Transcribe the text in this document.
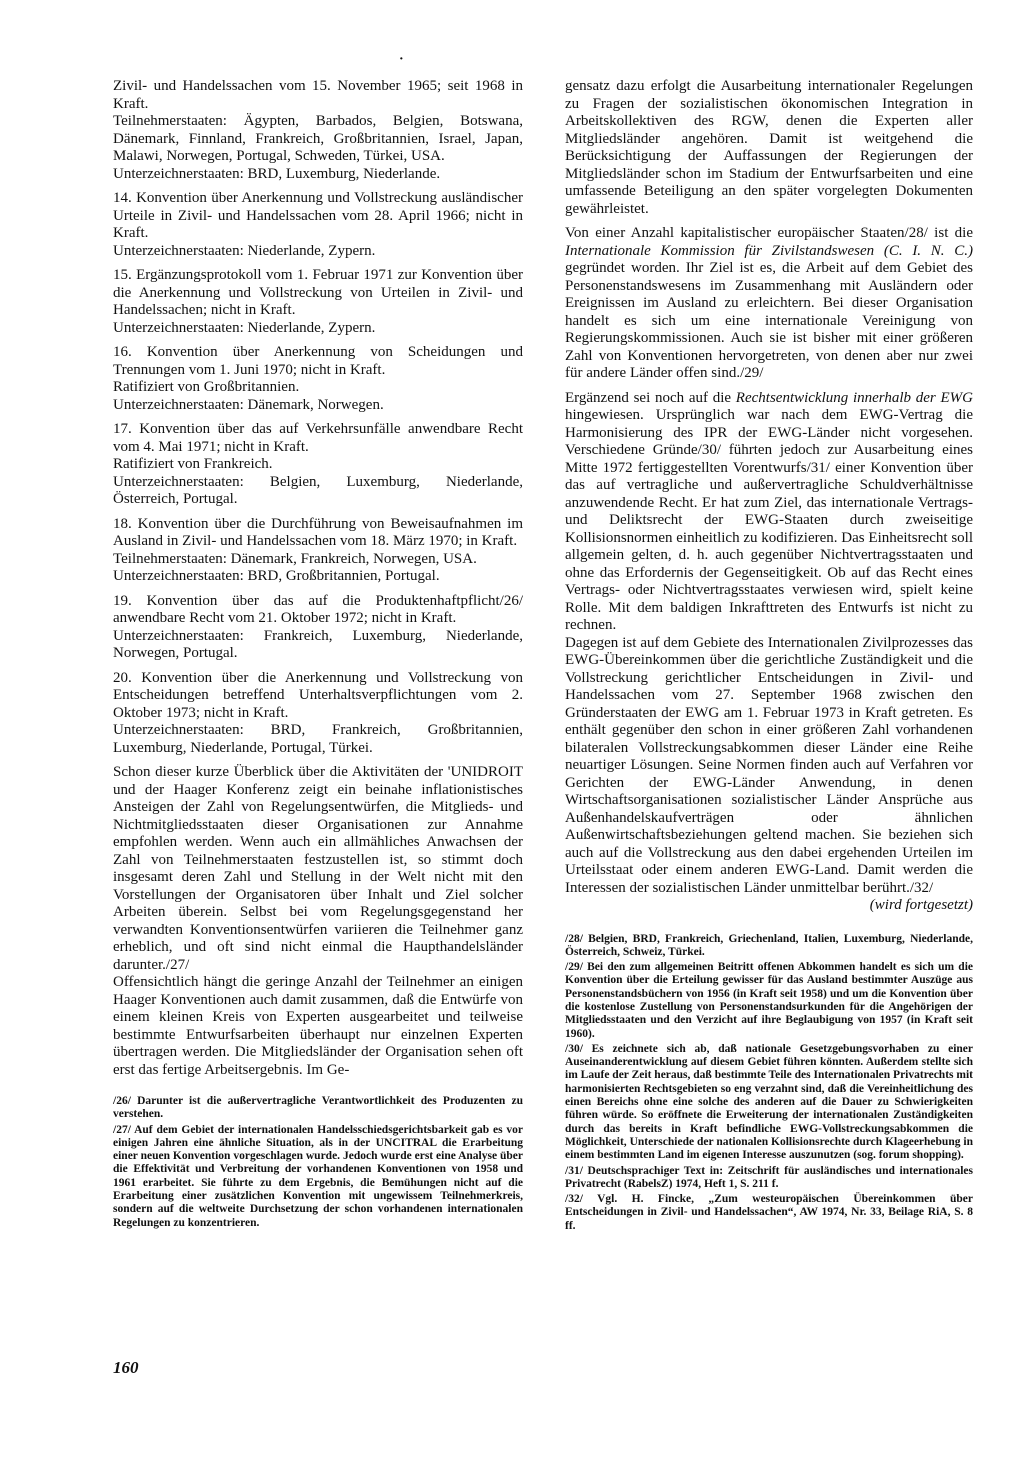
·

Zivil- und Handelssachen vom 15. November 1965; seit 1968 in Kraft.

Teilnehmerstaaten: Ägypten, Barbados, Belgien, Botswana, Dänemark, Finnland, Frankreich, Großbritannien, Israel, Japan, Malawi, Norwegen, Portugal, Schweden, Türkei, USA.

Unterzeichnerstaaten: BRD, Luxemburg, Niederlande.

14. Konvention über Anerkennung und Vollstreckung ausländischer Urteile in Zivil- und Handelssachen vom 28. April 1966; nicht in Kraft.

Unterzeichnerstaaten: Niederlande, Zypern.

15. Ergänzungsprotokoll vom 1. Februar 1971 zur Konvention über die Anerkennung und Vollstreckung von Urteilen in Zivil- und Handelssachen; nicht in Kraft.

Unterzeichnerstaaten: Niederlande, Zypern.

16. Konvention über Anerkennung von Scheidungen und Trennungen vom 1. Juni 1970; nicht in Kraft.

Ratifiziert von Großbritannien.

Unterzeichnerstaaten: Dänemark, Norwegen.

17. Konvention über das auf Verkehrsunfälle anwendbare Recht vom 4. Mai 1971; nicht in Kraft.

Ratifiziert von Frankreich.

Unterzeichnerstaaten: Belgien, Luxemburg, Niederlande, Österreich, Portugal.

18. Konvention über die Durchführung von Beweisaufnahmen im Ausland in Zivil- und Handelssachen vom 18. März 1970; in Kraft.

Teilnehmerstaaten: Dänemark, Frankreich, Norwegen, USA.

Unterzeichnerstaaten: BRD, Großbritannien, Portugal.

19. Konvention über das auf die Produktenhaftpflicht/26/ anwendbare Recht vom 21. Oktober 1972; nicht in Kraft.

Unterzeichnerstaaten: Frankreich, Luxemburg, Niederlande, Norwegen, Portugal.

20. Konvention über die Anerkennung und Vollstreckung von Entscheidungen betreffend Unterhaltsverpflichtungen vom 2. Oktober 1973; nicht in Kraft.

Unterzeichnerstaaten: BRD, Frankreich, Großbritannien, Luxemburg, Niederlande, Portugal, Türkei.

Schon dieser kurze Überblick über die Aktivitäten der 'UNIDROIT und der Haager Konferenz zeigt ein beinahe inflationistisches Ansteigen der Zahl von Regelungsentwürfen, die Mitglieds- und Nichtmitgliedsstaaten dieser Organisationen zur Annahme empfohlen werden. Wenn auch ein allmähliches Anwachsen der Zahl von Teilnehmerstaaten festzustellen ist, so stimmt doch insgesamt deren Zahl und Stellung in der Welt nicht mit den Vorstellungen der Organisatoren über Inhalt und Ziel solcher Arbeiten überein. Selbst bei vom Regelungsgegenstand her verwandten Konventionsentwürfen variieren die Teilnehmer ganz erheblich, und oft sind nicht einmal die Haupthandelsländer darunter./27/

Offensichtlich hängt die geringe Anzahl der Teilnehmer an einigen Haager Konventionen auch damit zusammen, daß die Entwürfe von einem kleinen Kreis von Experten ausgearbeitet und teilweise bestimmte Entwurfsarbeiten überhaupt nur einzelnen Experten übertragen werden. Die Mitgliedsländer der Organisation sehen oft erst das fertige Arbeitsergebnis. Im Ge-

/26/ Darunter ist die außervertragliche Verantwortlichkeit des Produzenten zu verstehen.

/27/ Auf dem Gebiet der internationalen Handelsschiedsgerichtsbarkeit gab es vor einigen Jahren eine ähnliche Situation, als in der UNCITRAL die Erarbeitung einer neuen Konvention vorgeschlagen wurde. Jedoch wurde erst eine Analyse über die Effektivität und Verbreitung der vorhandenen Konventionen von 1958 und 1961 erarbeitet. Sie führte zu dem Ergebnis, die Bemühungen nicht auf die Erarbeitung einer zusätzlichen Konvention mit ungewissem Teilnehmerkreis, sondern auf die weltweite Durchsetzung der schon vorhandenen internationalen Regelungen zu konzentrieren.

gensatz dazu erfolgt die Ausarbeitung internationaler Regelungen zu Fragen der sozialistischen ökonomischen Integration in Arbeitskollektiven des RGW, denen die Experten aller Mitgliedsländer angehören. Damit ist weitgehend die Berücksichtigung der Auffassungen der Regierungen der Mitgliedsländer schon im Stadium der Entwurfsarbeiten und eine umfassende Beteiligung an den später vorgelegten Dokumenten gewährleistet.

Von einer Anzahl kapitalistischer europäischer Staaten/28/ ist die Internationale Kommission für Zivilstandswesen (C. I. N. C.) gegründet worden. Ihr Ziel ist es, die Arbeit auf dem Gebiet des Personenstandswesens im Zusammenhang mit Ausländern oder Ereignissen im Ausland zu erleichtern. Bei dieser Organisation handelt es sich um eine internationale Vereinigung von Regierungskommissionen. Auch sie ist bisher mit einer größeren Zahl von Konventionen hervorgetreten, von denen aber nur zwei für andere Länder offen sind./29/

Ergänzend sei noch auf die Rechtsentwicklung innerhalb der EWG hingewiesen. Ursprünglich war nach dem EWG-Vertrag die Harmonisierung des IPR der EWG-Länder nicht vorgesehen. Verschiedene Gründe/30/ führten jedoch zur Ausarbeitung eines Mitte 1972 fertiggestellten Vorentwurfs/31/ einer Konvention über das auf vertragliche und außervertragliche Schuldverhältnisse anzuwendende Recht. Er hat zum Ziel, das internationale Vertrags- und Deliktsrecht der EWG-Staaten durch zweiseitige Kollisionsnormen einheitlich zu kodifizieren. Das Einheitsrecht soll allgemein gelten, d. h. auch gegenüber Nichtvertragsstaaten und ohne das Erfordernis der Gegenseitigkeit. Ob auf das Recht eines Vertrags- oder Nichtvertragsstaates verwiesen wird, spielt keine Rolle. Mit dem baldigen Inkrafttreten des Entwurfs ist nicht zu rechnen.

Dagegen ist auf dem Gebiete des Internationalen Zivilprozesses das EWG-Übereinkommen über die gerichtliche Zuständigkeit und die Vollstreckung gerichtlicher Entscheidungen in Zivil- und Handelssachen vom 27. September 1968 zwischen den Gründerstaaten der EWG am 1. Februar 1973 in Kraft getreten. Es enthält gegenüber den schon in einer größeren Zahl vorhandenen bilateralen Vollstreckungsabkommen dieser Länder eine Reihe neuartiger Lösungen. Seine Normen finden auch auf Verfahren vor Gerichten der EWG-Länder Anwendung, in denen Wirtschaftsorganisationen sozialistischer Länder Ansprüche aus Außenhandelskaufverträgen oder ähnlichen Außenwirtschaftsbeziehungen geltend machen. Sie beziehen sich auch auf die Vollstreckung aus den dabei ergehenden Urteilen im Urteilsstaat oder einem anderen EWG-Land. Damit werden die Interessen der sozialistischen Länder unmittelbar berührt./32/

(wird fortgesetzt)

/28/ Belgien, BRD, Frankreich, Griechenland, Italien, Luxemburg, Niederlande, Österreich, Schweiz, Türkei.

/29/ Bei den zum allgemeinen Beitritt offenen Abkommen handelt es sich um die Konvention über die Erteilung gewisser für das Ausland bestimmter Auszüge aus Personenstandsbüchern von 1956 (in Kraft seit 1958) und um die Konvention über die kostenlose Zustellung von Personenstandsurkunden für die Angehörigen der Mitgliedsstaaten und den Verzicht auf ihre Beglaubigung von 1957 (in Kraft seit 1960).

/30/ Es zeichnete sich ab, daß nationale Gesetzgebungsvorhaben zu einer Auseinanderentwicklung auf diesem Gebiet führen könnten. Außerdem stellte sich im Laufe der Zeit heraus, daß bestimmte Teile des Internationalen Privatrechts mit harmonisierten Rechtsgebieten so eng verzahnt sind, daß die Vereinheitlichung des einen Bereichs ohne eine solche des anderen auf die Dauer zu Schwierigkeiten führen würde. So eröffnete die Erweiterung der internationalen Zuständigkeiten durch das bereits in Kraft befindliche EWG-Vollstreckungsabkommen die Möglichkeit, Unterschiede der nationalen Kollisionsrechte durch Klageerhebung in einem bestimmten Land im eigenen Interesse auszunutzen (sog. forum shopping).

/31/ Deutschsprachiger Text in: Zeitschrift für ausländisches und internationales Privatrecht (RabelsZ) 1974, Heft 1, S. 211 f.

/32/ Vgl. H. Fincke, „Zum westeuropäischen Übereinkommen über Entscheidungen in Zivil- und Handelssachen“, AW 1974, Nr. 33, Beilage RiA, S. 8 ff.

160
